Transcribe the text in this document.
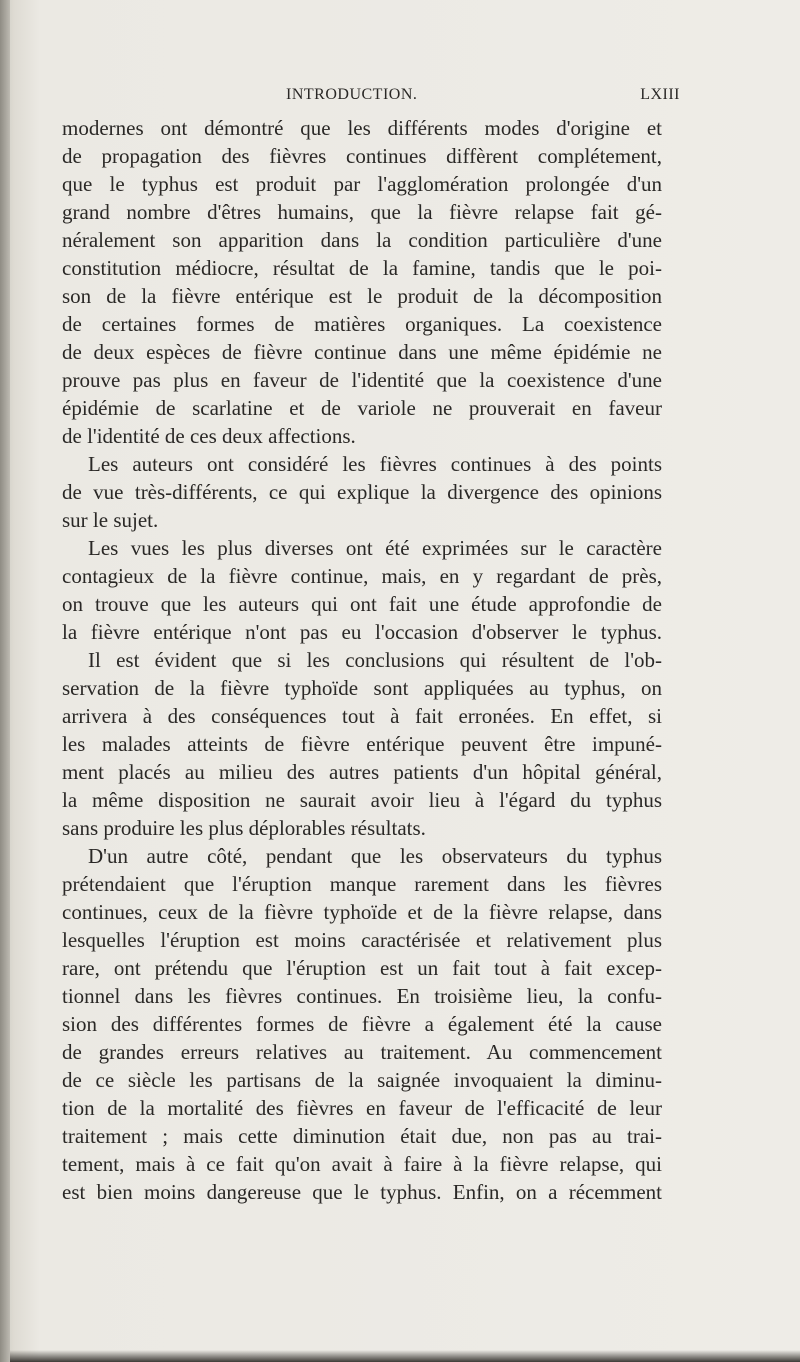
INTRODUCTION.	LXIII
modernes ont démontré que les différents modes d'origine et
de propagation des fièvres continues diffèrent complétement,
que le typhus est produit par l'agglomération prolongée d'un
grand nombre d'êtres humains, que la fièvre relapse fait gé-
néralement son apparition dans la condition particulière d'une
constitution médiocre, résultat de la famine, tandis que le poi-
son de la fièvre entérique est le produit de la décomposition
de certaines formes de matières organiques. La coexistence
de deux espèces de fièvre continue dans une même épidémie ne
prouve pas plus en faveur de l'identité que la coexistence d'une
épidémie de scarlatine et de variole ne prouverait en faveur
de l'identité de ces deux affections.
Les auteurs ont considéré les fièvres continues à des points
de vue très-différents, ce qui explique la divergence des opinions
sur le sujet.
Les vues les plus diverses ont été exprimées sur le caractère
contagieux de la fièvre continue, mais, en y regardant de près,
on trouve que les auteurs qui ont fait une étude approfondie de
la fièvre entérique n'ont pas eu l'occasion d'observer le typhus.
Il est évident que si les conclusions qui résultent de l'ob-
servation de la fièvre typhoïde sont appliquées au typhus, on
arrivera à des conséquences tout à fait erronées. En effet, si
les malades atteints de fièvre entérique peuvent être impuné-
ment placés au milieu des autres patients d'un hôpital général,
la même disposition ne saurait avoir lieu à l'égard du typhus
sans produire les plus déplorables résultats.
D'un autre côté, pendant que les observateurs du typhus
prétendaient que l'éruption manque rarement dans les fièvres
continues, ceux de la fièvre typhoïde et de la fièvre relapse, dans
lesquelles l'éruption est moins caractérisée et relativement plus
rare, ont prétendu que l'éruption est un fait tout à fait excep-
tionnel dans les fièvres continues. En troisième lieu, la confu-
sion des différentes formes de fièvre a également été la cause
de grandes erreurs relatives au traitement. Au commencement
de ce siècle les partisans de la saignée invoquaient la diminu-
tion de la mortalité des fièvres en faveur de l'efficacité de leur
traitement ; mais cette diminution était due, non pas au trai-
tement, mais à ce fait qu'on avait à faire à la fièvre relapse, qui
est bien moins dangereuse que le typhus. Enfin, on a récemment
